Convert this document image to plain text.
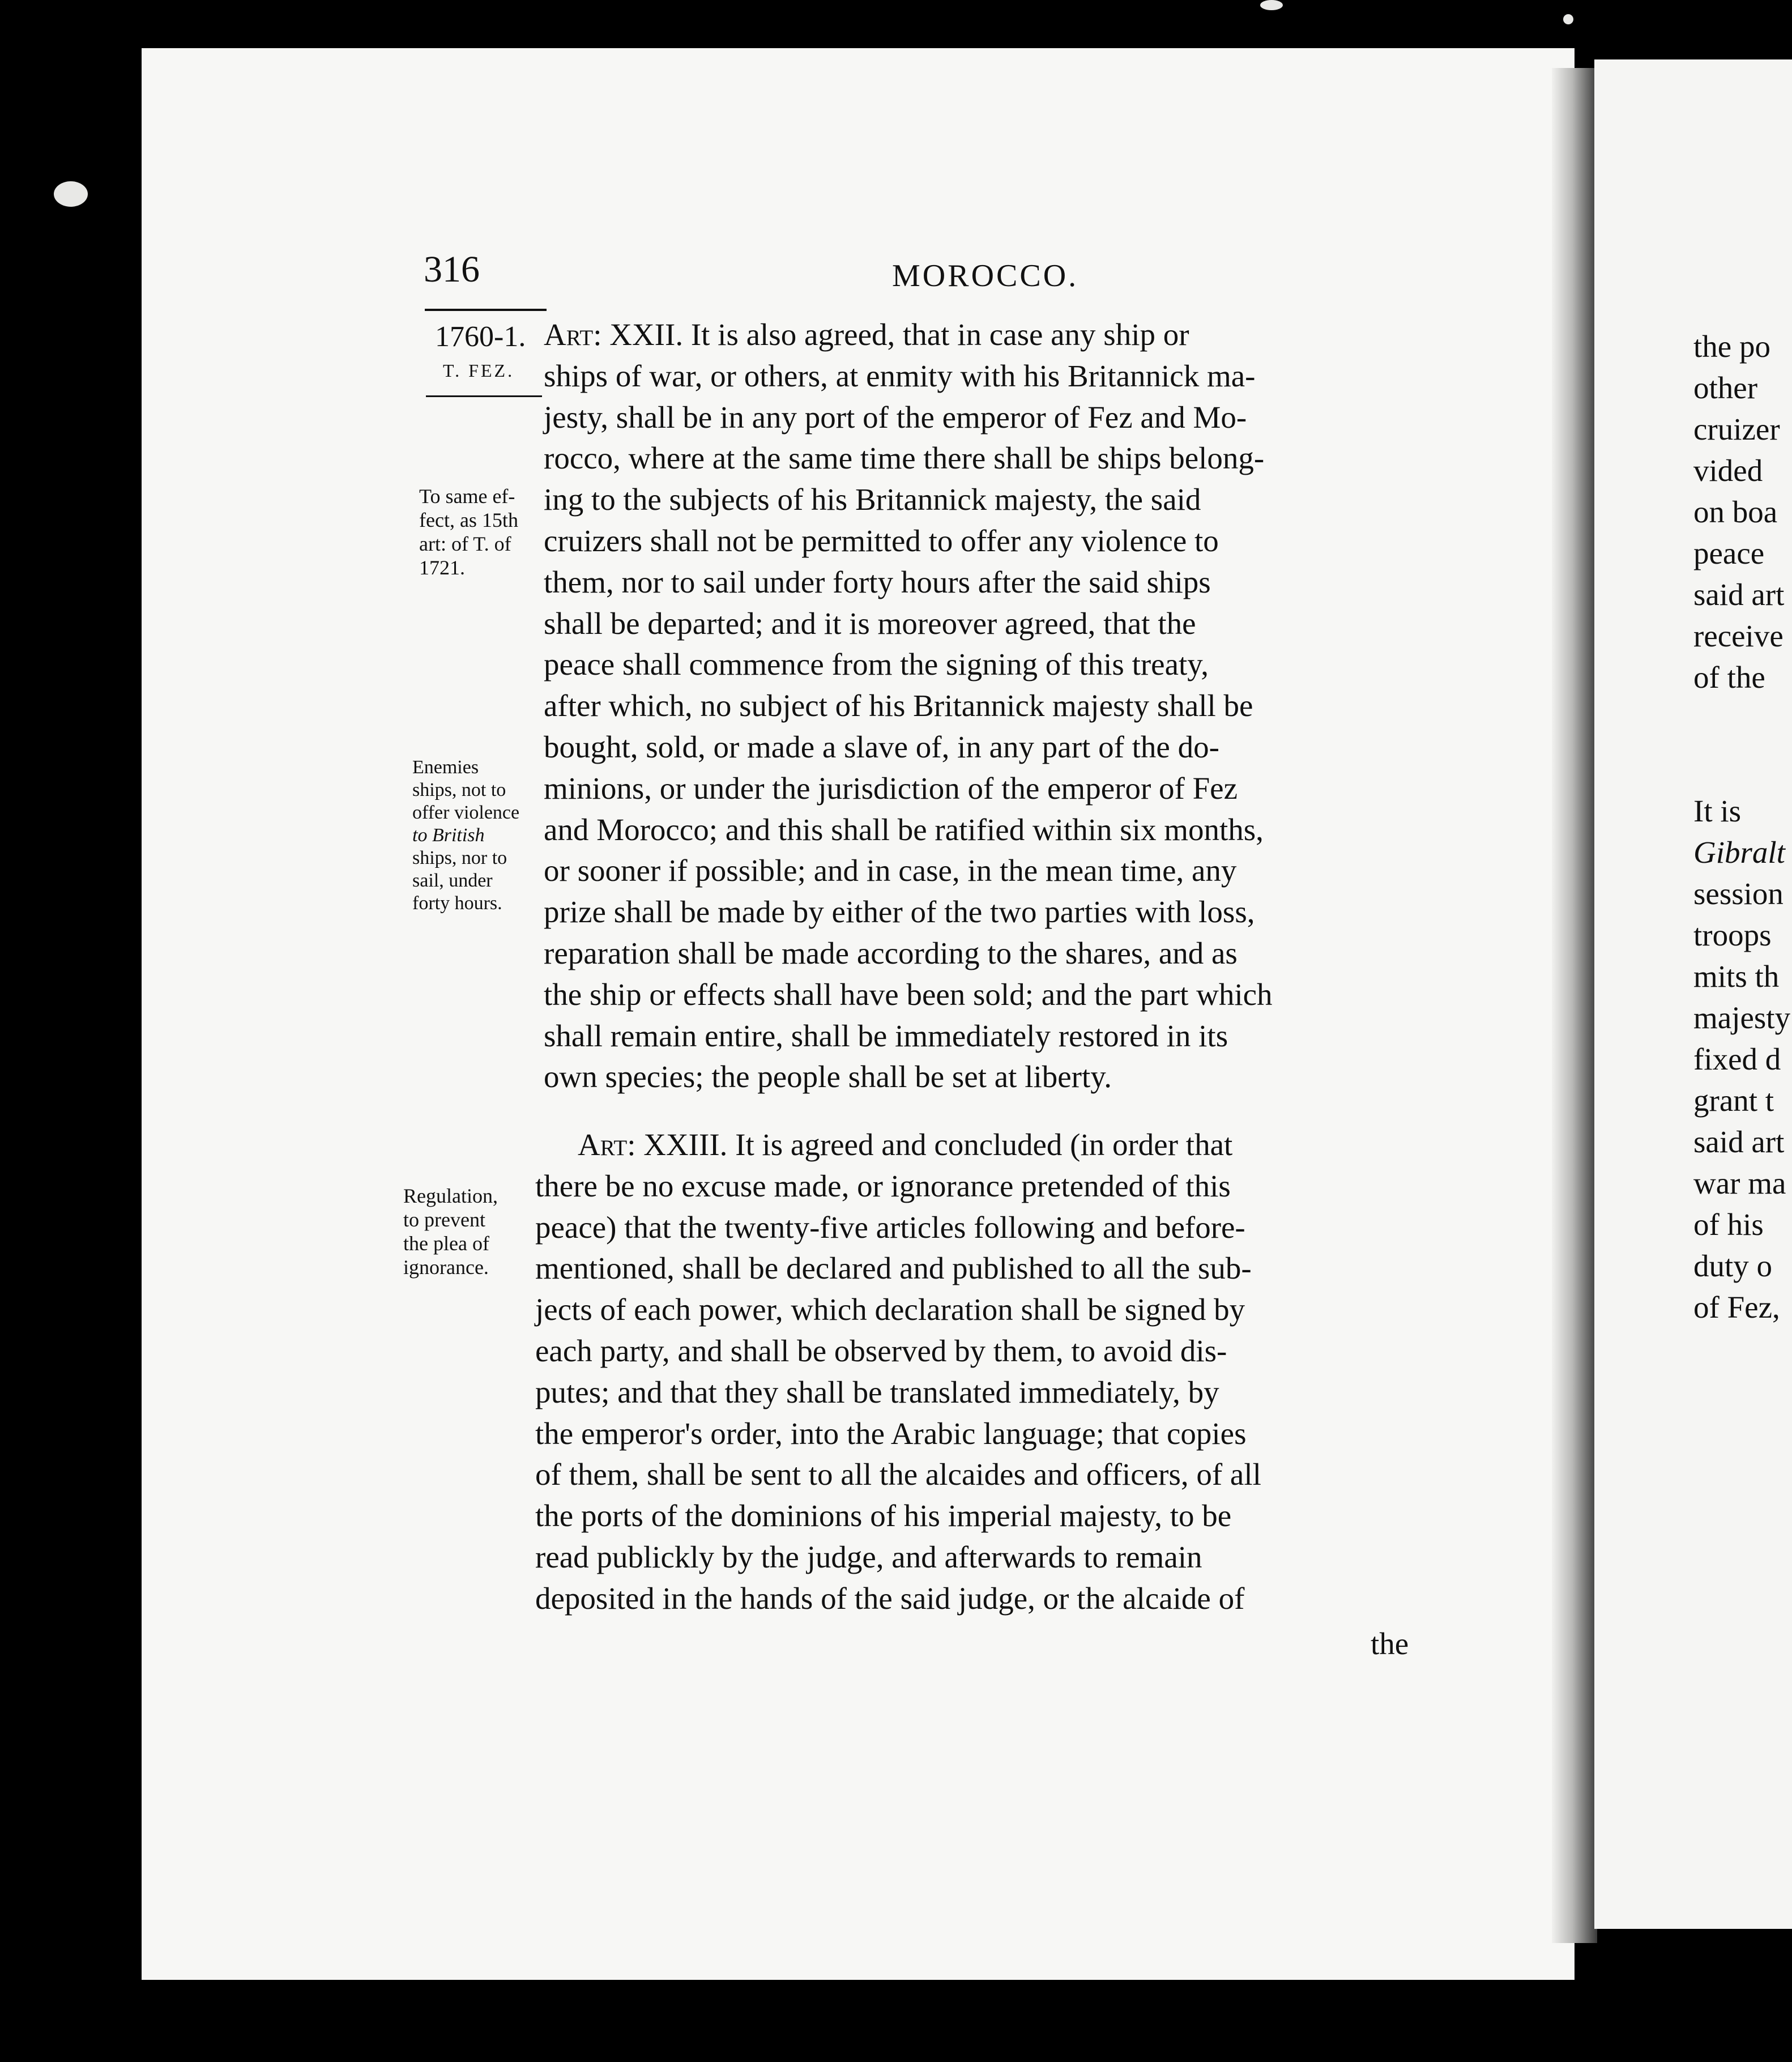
316	MOROCCO.
1760-1.
T. FEZ.
To same ef-
fect, as 15th
art: of T. of
1721.
Enemies
ships, not to
offer violence
to British
ships, nor to
sail, under
forty hours.
Regulation,
to prevent
the plea of
ignorance.
Art: XXII. It is also agreed, that in case any ship or
ships of war, or others, at enmity with his Britannick ma-
jesty, shall be in any port of the emperor of Fez and Mo-
rocco, where at the same time there shall be ships belong-
ing to the subjects of his Britannick majesty, the said
cruizers shall not be permitted to offer any violence to
them, nor to sail under forty hours after the said ships
shall be departed; and it is moreover agreed, that the
peace shall commence from the signing of this treaty,
after which, no subject of his Britannick majesty shall be
bought, sold, or made a slave of, in any part of the do-
minions, or under the jurisdiction of the emperor of Fez
and Morocco; and this shall be ratified within six months,
or sooner if possible; and in case, in the mean time, any
prize shall be made by either of the two parties with loss,
reparation shall be made according to the shares, and as
the ship or effects shall have been sold; and the part which
shall remain entire, shall be immediately restored in its
own species; the people shall be set at liberty.
Art: XXIII. It is agreed and concluded (in order that
there be no excuse made, or ignorance pretended of this
peace) that the twenty-five articles following and before-
mentioned, shall be declared and published to all the sub-
jects of each power, which declaration shall be signed by
each party, and shall be observed by them, to avoid dis-
putes; and that they shall be translated immediately, by
the emperor's order, into the Arabic language; that copies
of them, shall be sent to all the alcaides and officers, of all
the ports of the dominions of his imperial majesty, to be
read publickly by the judge, and afterwards to remain
deposited in the hands of the said judge, or the alcaide of
the
the po
other
cruizer
vided
on boa
peace
said art
receive
of the
It is
Gibralt
session
troops
mits th
majesty
fixed d
grant t
said art
war ma
of his
duty o
of Fez,
